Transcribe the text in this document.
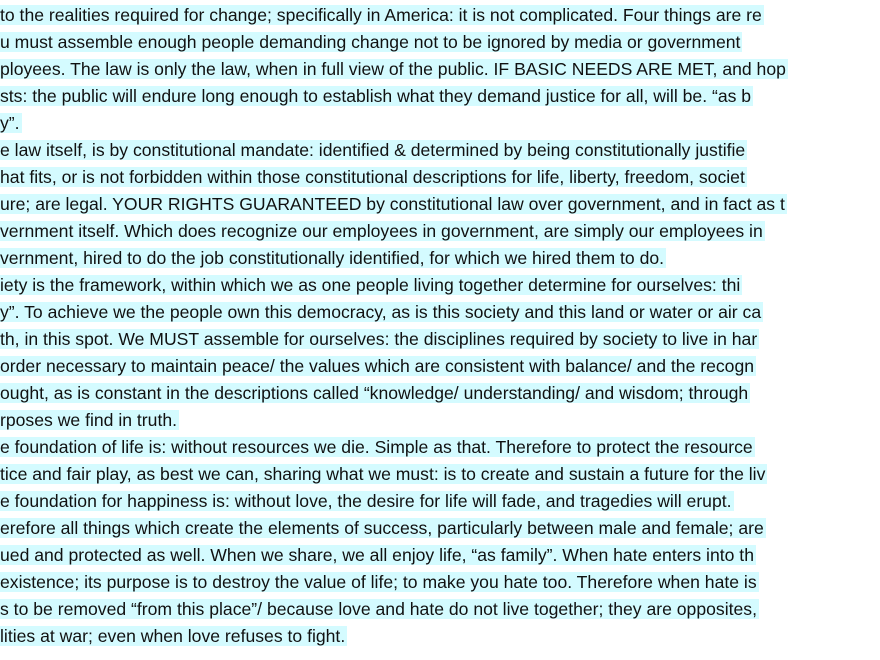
to the realities required for change; specifically in America: it is not complicated. Four things are re
u must assemble enough people demanding change not to be ignored by media or government
ployees. The law is only the law, when in full view of the public. IF BASIC NEEDS ARE MET, and hop
sts: the public will endure long enough to establish what they demand justice for all, will be. “as b
y”.
e law itself, is by constitutional mandate: identified & determined by being constitutionally justifie
hat fits, or is not forbidden within those constitutional descriptions for life, liberty, freedom, societ
ure; are legal. YOUR RIGHTS GUARANTEED by constitutional law over government, and in fact as t
vernment itself. Which does recognize our employees in government, are simply our employees in
vernment, hired to do the job constitutionally identified, for which we hired them to do.
iety is the framework, within which we as one people living together determine for ourselves: thi
y”. To achieve we the people own this democracy, as is this society and this land or water or air ca
th, in this spot. We MUST assemble for ourselves: the disciplines required by society to live in har
order necessary to maintain peace/ the values which are consistent with balance/ and the recogn
ought, as is constant in the descriptions called “knowledge/ understanding/ and wisdom; through
rposes we find in truth.
e foundation of life is: without resources we die. Simple as that. Therefore to protect the resource
tice and fair play, as best we can, sharing what we must: is to create and sustain a future for the liv
e foundation for happiness is: without love, the desire for life will fade, and tragedies will erupt.
erefore all things which create the elements of success, particularly between male and female; are
ued and protected as well. When we share, we all enjoy life, “as family”. When hate enters into th
existence; its purpose is to destroy the value of life; to make you hate too. Therefore when hate is
s to be removed “from this place”/ because love and hate do not live together; they are opposites,
lities at war; even when love refuses to fight.
